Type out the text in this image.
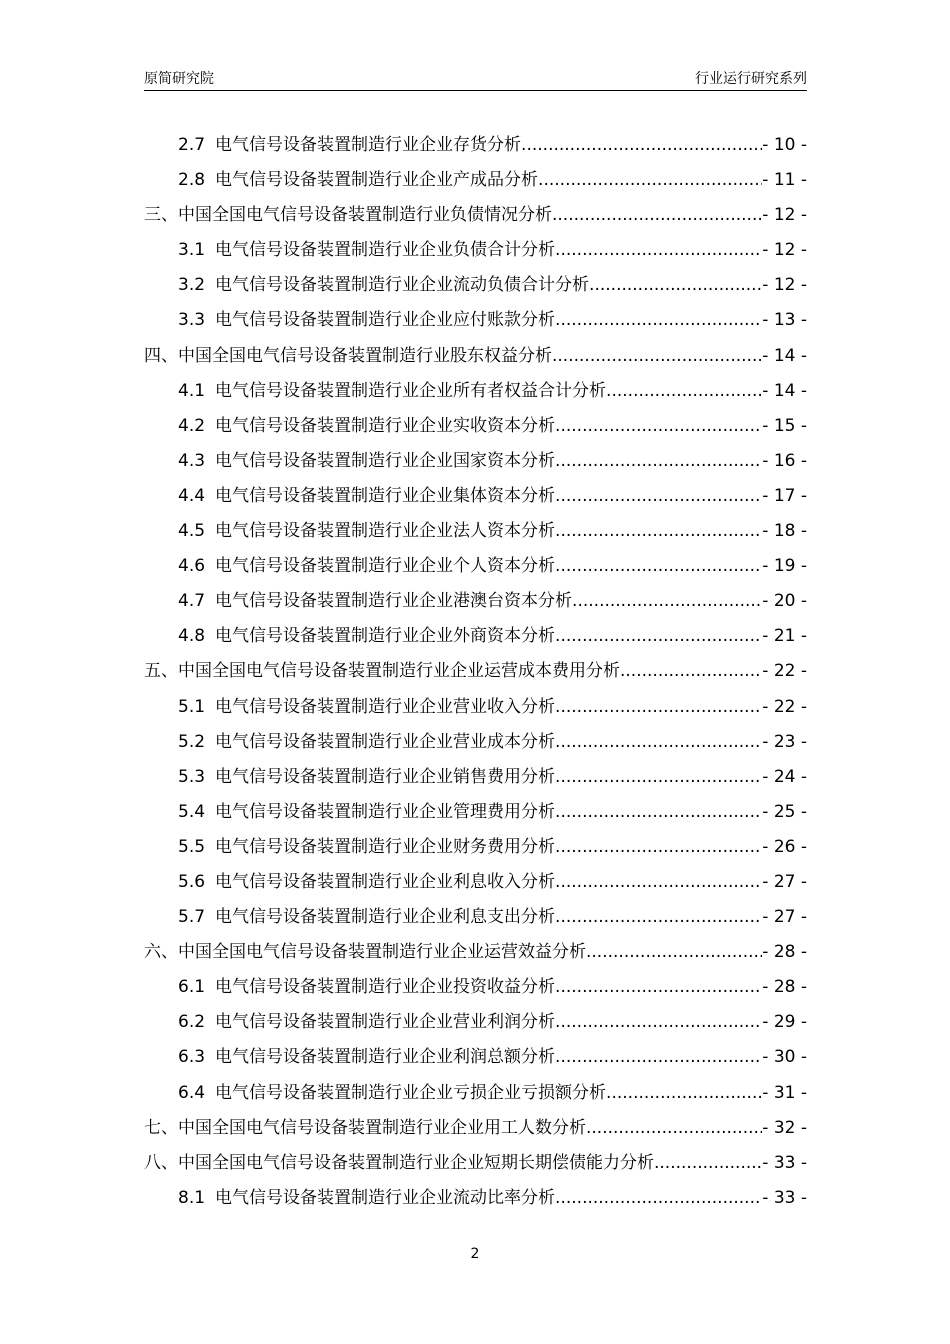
原简研究院	行业运行研究系列
2.7 电气信号设备装置制造行业企业存货分析 .....	- 10 -
2.8 电气信号设备装置制造行业企业产成品分析 .....	- 11 -
三、中国全国电气信号设备装置制造行业负债情况分析 .....	- 12 -
3.1 电气信号设备装置制造行业企业负债合计分析 .....	- 12 -
3.2 电气信号设备装置制造行业企业流动负债合计分析 .....	- 12 -
3.3 电气信号设备装置制造行业企业应付账款分析 .....	- 13 -
四、中国全国电气信号设备装置制造行业股东权益分析 .....	- 14 -
4.1 电气信号设备装置制造行业企业所有者权益合计分析 .....	- 14 -
4.2 电气信号设备装置制造行业企业实收资本分析 .....	- 15 -
4.3 电气信号设备装置制造行业企业国家资本分析 .....	- 16 -
4.4 电气信号设备装置制造行业企业集体资本分析 .....	- 17 -
4.5 电气信号设备装置制造行业企业法人资本分析 .....	- 18 -
4.6 电气信号设备装置制造行业企业个人资本分析 .....	- 19 -
4.7 电气信号设备装置制造行业企业港澳台资本分析 .....	- 20 -
4.8 电气信号设备装置制造行业企业外商资本分析 .....	- 21 -
五、中国全国电气信号设备装置制造行业企业运营成本费用分析 .....	- 22 -
5.1 电气信号设备装置制造行业企业营业收入分析 .....	- 22 -
5.2 电气信号设备装置制造行业企业营业成本分析 .....	- 23 -
5.3 电气信号设备装置制造行业企业销售费用分析 .....	- 24 -
5.4 电气信号设备装置制造行业企业管理费用分析 .....	- 25 -
5.5 电气信号设备装置制造行业企业财务费用分析 .....	- 26 -
5.6 电气信号设备装置制造行业企业利息收入分析 .....	- 27 -
5.7 电气信号设备装置制造行业企业利息支出分析 .....	- 27 -
六、中国全国电气信号设备装置制造行业企业运营效益分析 .....	- 28 -
6.1 电气信号设备装置制造行业企业投资收益分析 .....	- 28 -
6.2 电气信号设备装置制造行业企业营业利润分析 .....	- 29 -
6.3 电气信号设备装置制造行业企业利润总额分析 .....	- 30 -
6.4 电气信号设备装置制造行业企业亏损企业亏损额分析 .....	- 31 -
七、中国全国电气信号设备装置制造行业企业用工人数分析 .....	- 32 -
八、中国全国电气信号设备装置制造行业企业短期长期偿债能力分析 .....	- 33 -
8.1 电气信号设备装置制造行业企业流动比率分析 .....	- 33 -
2
